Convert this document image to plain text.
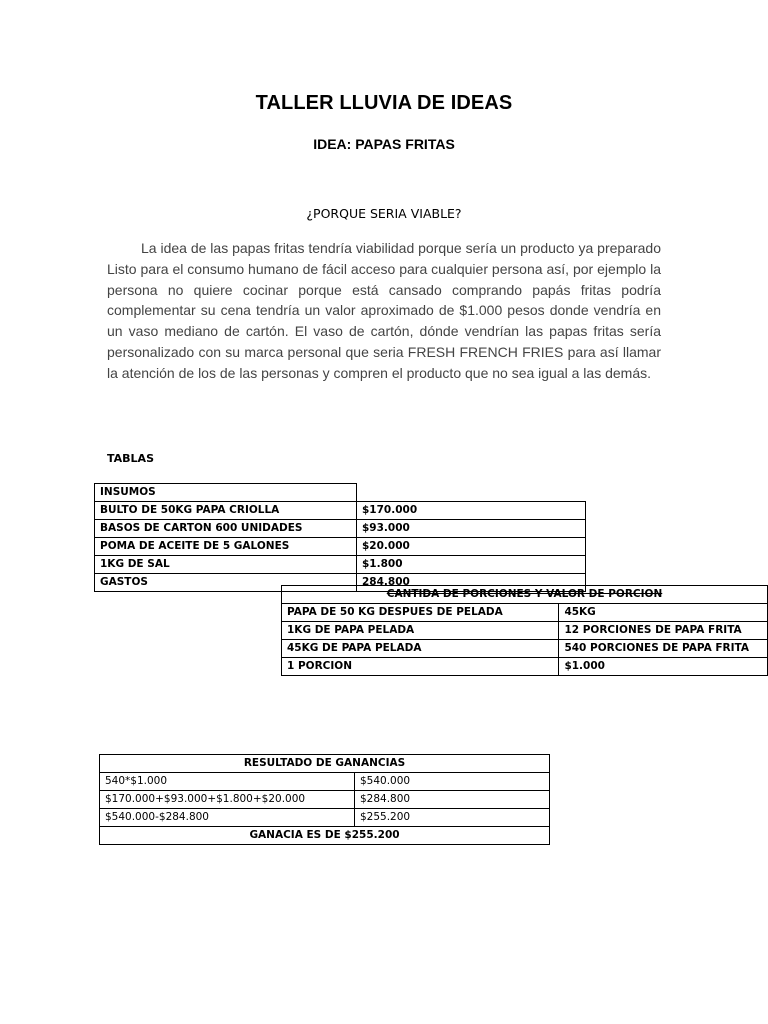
TALLER LLUVIA DE IDEAS
IDEA: PAPAS FRITAS
¿PORQUE SERIA VIABLE?

La idea de las papas fritas tendría viabilidad porque sería un producto ya preparado Listo para el consumo humano de fácil acceso para cualquier persona así, por ejemplo la persona no quiere cocinar porque está cansado comprando papás fritas podría complementar su cena tendría un valor aproximado de $1.000 pesos donde vendría en un vaso mediano de cartón. El vaso de cartón, dónde vendrían las papas fritas sería personalizado con su marca personal que seria FRESH FRENCH FRIES para así llamar la atención de los de las personas y compren el producto que no sea igual a las demás.

TABLAS
INSUMOS	
BULTO DE 50KG PAPA CRIOLLA	$170.000
BASOS DE CARTON 600 UNIDADES	$93.000
POMA DE ACEITE DE 5 GALONES	$20.000
1KG DE SAL	$1.800
GASTOS	284.800
CANTIDA DE PORCIONES Y VALOR DE PORCION	
PAPA DE 50 KG DESPUES DE PELADA	45KG
1KG DE PAPA PELADA	12 PORCIONES DE PAPA FRITA
45KG DE PAPA PELADA	540 PORCIONES DE PAPA FRITA
1 PORCION	$1.000
RESULTADO DE GANANCIAS	
540*$1.000	$540.000
$170.000+$93.000+$1.800+$20.000	$284.800
$540.000-$284.800	$255.200
GANACIA ES DE $255.200	
